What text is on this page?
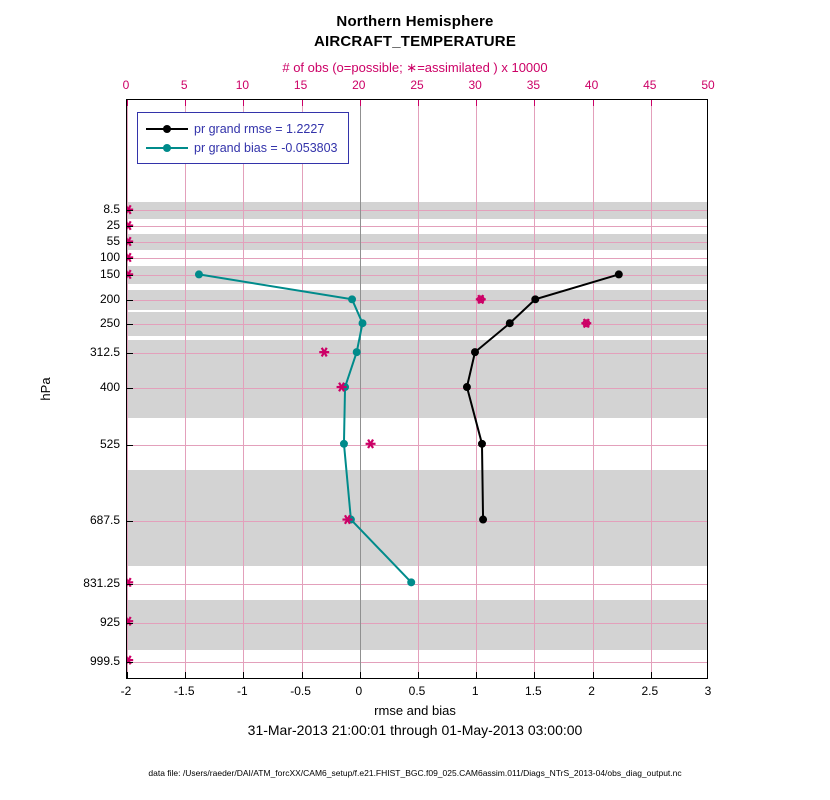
Northern Hemisphere
AIRCRAFT_TEMPERATURE
# of obs (o=possible; ∗=assimilated ) x 10000
0	5	10	15	20	25	30	35	40	45	50
-2	-1.5	-1	-0.5	0	0.5	1	1.5	2	2.5	3
8.5
25
55
100
150
200
250
312.5
400
525
687.5
831.25
925
999.5
hPa
pr grand rmse = 1.2227
pr grand bias = -0.053803
rmse and bias
31-Mar-2013 21:00:01 through 01-May-2013 03:00:00
data file: /Users/raeder/DAI/ATM_forcXX/CAM6_setup/f.e21.FHIST_BGC.f09_025.CAM6assim.011/Diags_NTrS_2013-04/obs_diag_output.nc
